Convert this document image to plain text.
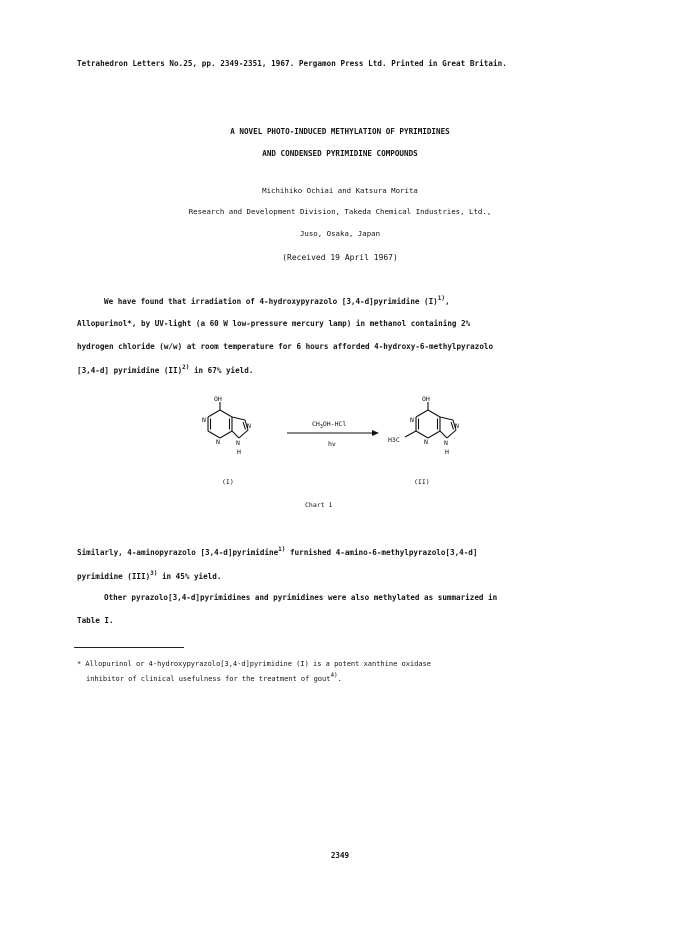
Tetrahedron Letters No.25, pp. 2349-2351, 1967. Pergamon Press Ltd. Printed in Great Britain.
A NOVEL PHOTO-INDUCED METHYLATION OF PYRIMIDINES
AND CONDENSED PYRIMIDINE COMPOUNDS
Michihiko Ochiai and Katsura Morita
Research and Development Division, Takeda Chemical Industries, Ltd.,
Juso, Osaka, Japan
(Received 19 April 1967)
We have found that irradiation of 4-hydroxypyrazolo [3,4-d]pyrimidine $(I)^{1)}$,
Allopurinol*, by UV-light (a 60 W low-pressure mercury lamp) in methanol containing 2%
hydrogen chloride (w/w) at room temperature for 6 hours afforded 4-hydroxy-6-methylpyrazolo
[3,4-d] pyrimidine (II)$^{2)}$ in 67% yield.
OH
N
N
N N
H
$CH_3OH$-HCl
hν
OH
N
N
N N
H
H3C
(I)	(II)
Chart 1
Similarly, 4-aminopyrazolo [3,4-d]pyrimidine$^{1)}$ furnished 4-amino-6-methylpyrazolo[3,4-d]
pyrimidine (III)$^{3)}$ in 45% yield.
Other pyrazolo[3,4-d]pyrimidines and pyrimidines were also methylated as summarized in
Table I.
* Allopurinol or 4-hydroxypyrazolo[3,4-d]pyrimidine (I) is a potent xanthine oxidase
inhibitor of clinical usefulness for the treatment of gout$^{4)}$.
2349
